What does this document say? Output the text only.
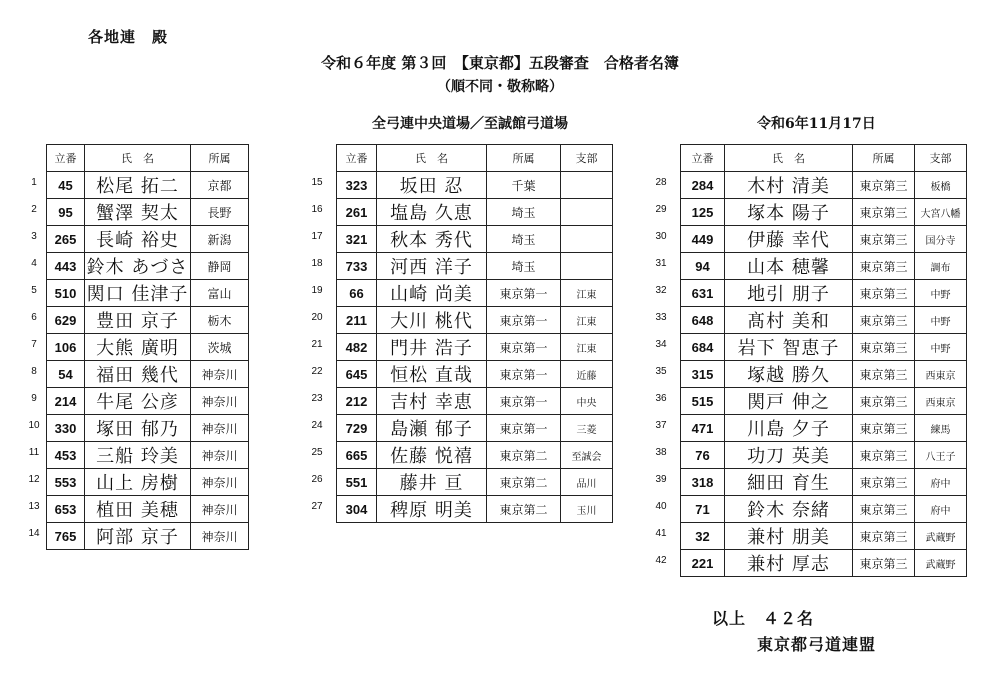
各地連　殿
令和６年度 第３回　【東京都】五段審査　合格者名簿
（順不同・敬称略）
全弓連中央道場／至誠館弓道場	令和6年11月17日
1
2
3
4
5
6
7
8
9
10
11
12
13
14
立番	氏　名	所属
45	松尾 拓二	京都
95	蟹澤 契太	長野
265	長崎 裕史	新潟
443	鈴木 あづさ	静岡
510	関口 佳津子	富山
629	豊田 京子	栃木
106	大熊 廣明	茨城
54	福田 幾代	神奈川
214	牛尾 公彦	神奈川
330	塚田 郁乃	神奈川
453	三船 玲美	神奈川
553	山上 房樹	神奈川
653	植田 美穂	神奈川
765	阿部 京子	神奈川
15
16
17
18
19
20
21
22
23
24
25
26
27
立番	氏　名	所属	支部
323	坂田 忍	千葉	
261	塩島 久恵	埼玉	
321	秋本 秀代	埼玉	
733	河西 洋子	埼玉	
66	山崎 尚美	東京第一	江東
211	大川 桃代	東京第一	江東
482	門井 浩子	東京第一	江東
645	恒松 直哉	東京第一	近藤
212	吉村 幸恵	東京第一	中央
729	島瀬 郁子	東京第一	三菱
665	佐藤 悦禧	東京第二	至誠会
551	藤井 亘	東京第二	品川
304	稗原 明美	東京第二	玉川
28
29
30
31
32
33
34
35
36
37
38
39
40
41
42
立番	氏　名	所属	支部
284	木村 清美	東京第三	板橋
125	塚本 陽子	東京第三	大宮八幡
449	伊藤 幸代	東京第三	国分寺
94	山本 穂馨	東京第三	調布
631	地引 朋子	東京第三	中野
648	髙村 美和	東京第三	中野
684	岩下 智恵子	東京第三	中野
315	塚越 勝久	東京第三	西東京
515	関戸 伸之	東京第三	西東京
471	川島 夕子	東京第三	練馬
76	功刀 英美	東京第三	八王子
318	細田 育生	東京第三	府中
71	鈴木 奈緒	東京第三	府中
32	兼村 朋美	東京第三	武蔵野
221	兼村 厚志	東京第三	武蔵野
以上　４２名
東京都弓道連盟
